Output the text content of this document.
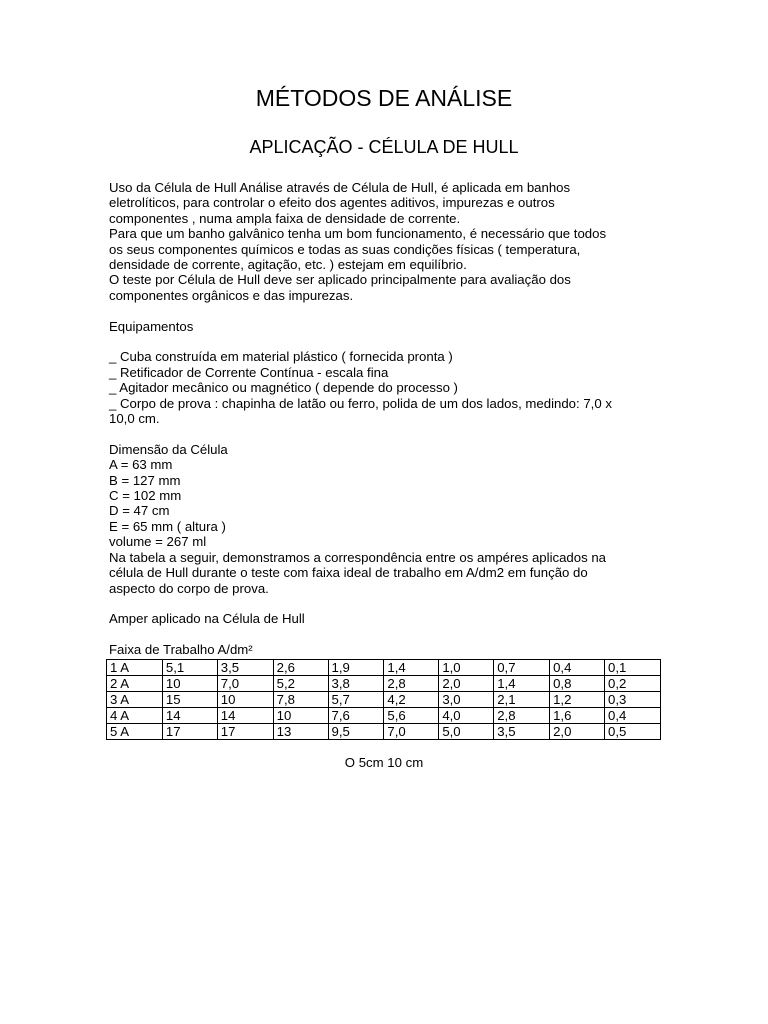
MÉTODOS DE ANÁLISE
APLICAÇÃO - CÉLULA DE HULL
Uso da Célula de Hull Análise através de Célula de Hull, é aplicada em banhos
eletrolíticos, para controlar o efeito dos agentes aditivos, impurezas e outros
componentes , numa ampla faixa de densidade de corrente.
Para que um banho galvânico tenha um bom funcionamento, é necessário que todos
os seus componentes químicos e todas as suas condições físicas ( temperatura,
densidade de corrente, agitação, etc. ) estejam em equilíbrio.
O teste por Célula de Hull deve ser aplicado principalmente para avaliação dos
componentes orgânicos e das impurezas.
Equipamentos
_ Cuba construída em material plástico ( fornecida pronta )
_ Retificador de Corrente Contínua - escala fina
_ Agitador mecânico ou magnético ( depende do processo )
_ Corpo de prova : chapinha de latão ou ferro, polida de um dos lados, medindo: 7,0 x
10,0 cm.
Dimensão da Célula
A = 63 mm
B = 127 mm
C = 102 mm
D = 47 cm
E = 65 mm ( altura )
volume = 267 ml
Na tabela a seguir, demonstramos a correspondência entre os ampéres aplicados na
célula de Hull durante o teste com faixa ideal de trabalho em A/dm2 em função do
aspecto do corpo de prova.
Amper aplicado na Célula de Hull
Faixa de Trabalho A/dm²
1 A	5,1	3,5	2,6	1,9	1,4	1,0	0,7	0,4	0,1
2 A	10	7,0	5,2	3,8	2,8	2,0	1,4	0,8	0,2
3 A	15	10	7,8	5,7	4,2	3,0	2,1	1,2	0,3
4 A	14	14	10	7,6	5,6	4,0	2,8	1,6	0,4
5 A	17	17	13	9,5	7,0	5,0	3,5	2,0	0,5
O 5cm 10 cm
